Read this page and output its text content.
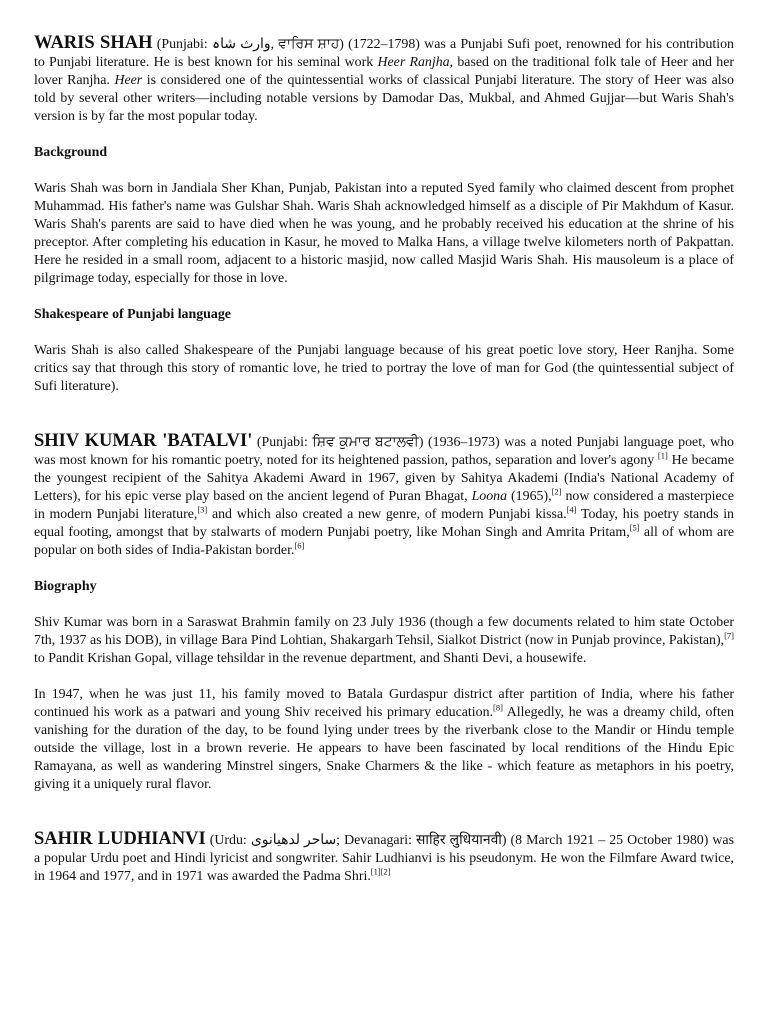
WARIS SHAH (Punjabi: وارث شاہ, ਵਾਰਿਸ ਸ਼ਾਹ) (1722–1798) was a Punjabi Sufi poet, renowned for his contribution to Punjabi literature. He is best known for his seminal work Heer Ranjha, based on the traditional folk tale of Heer and her lover Ranjha. Heer is considered one of the quintessential works of classical Punjabi literature. The story of Heer was also told by several other writers—including notable versions by Damodar Das, Mukbal, and Ahmed Gujjar—but Waris Shah's version is by far the most popular today.

Background

Waris Shah was born in Jandiala Sher Khan, Punjab, Pakistan into a reputed Syed family who claimed descent from prophet Muhammad. His father's name was Gulshar Shah. Waris Shah acknowledged himself as a disciple of Pir Makhdum of Kasur. Waris Shah's parents are said to have died when he was young, and he probably received his education at the shrine of his preceptor. After completing his education in Kasur, he moved to Malka Hans, a village twelve kilometers north of Pakpattan. Here he resided in a small room, adjacent to a historic masjid, now called Masjid Waris Shah. His mausoleum is a place of pilgrimage today, especially for those in love.

Shakespeare of Punjabi language

Waris Shah is also called Shakespeare of the Punjabi language because of his great poetic love story, Heer Ranjha. Some critics say that through this story of romantic love, he tried to portray the love of man for God (the quintessential subject of Sufi literature).

SHIV KUMAR 'BATALVI' (Punjabi: ਸ਼ਿਵ ਕੁਮਾਰ ਬਟਾਲਵੀ) (1936–1973) was a noted Punjabi language poet, who was most known for his romantic poetry, noted for its heightened passion, pathos, separation and lover's agony [1] He became the youngest recipient of the Sahitya Akademi Award in 1967, given by Sahitya Akademi (India's National Academy of Letters), for his epic verse play based on the ancient legend of Puran Bhagat, Loona (1965),[2] now considered a masterpiece in modern Punjabi literature,[3] and which also created a new genre, of modern Punjabi kissa.[4] Today, his poetry stands in equal footing, amongst that by stalwarts of modern Punjabi poetry, like Mohan Singh and Amrita Pritam,[5] all of whom are popular on both sides of India-Pakistan border.[6]

Biography

Shiv Kumar was born in a Saraswat Brahmin family on 23 July 1936 (though a few documents related to him state October 7th, 1937 as his DOB), in village Bara Pind Lohtian, Shakargarh Tehsil, Sialkot District (now in Punjab province, Pakistan),[7] to Pandit Krishan Gopal, village tehsildar in the revenue department, and Shanti Devi, a housewife.

In 1947, when he was just 11, his family moved to Batala Gurdaspur district after partition of India, where his father continued his work as a patwari and young Shiv received his primary education.[8] Allegedly, he was a dreamy child, often vanishing for the duration of the day, to be found lying under trees by the riverbank close to the Mandir or Hindu temple outside the village, lost in a brown reverie. He appears to have been fascinated by local renditions of the Hindu Epic Ramayana, as well as wandering Minstrel singers, Snake Charmers & the like - which feature as metaphors in his poetry, giving it a uniquely rural flavor.

SAHIR LUDHIANVI (Urdu: ساحر لدھیانوی; Devanagari: साहिर लुधियानवी) (8 March 1921 – 25 October 1980) was a popular Urdu poet and Hindi lyricist and songwriter. Sahir Ludhianvi is his pseudonym. He won the Filmfare Award twice, in 1964 and 1977, and in 1971 was awarded the Padma Shri.[1][2]
